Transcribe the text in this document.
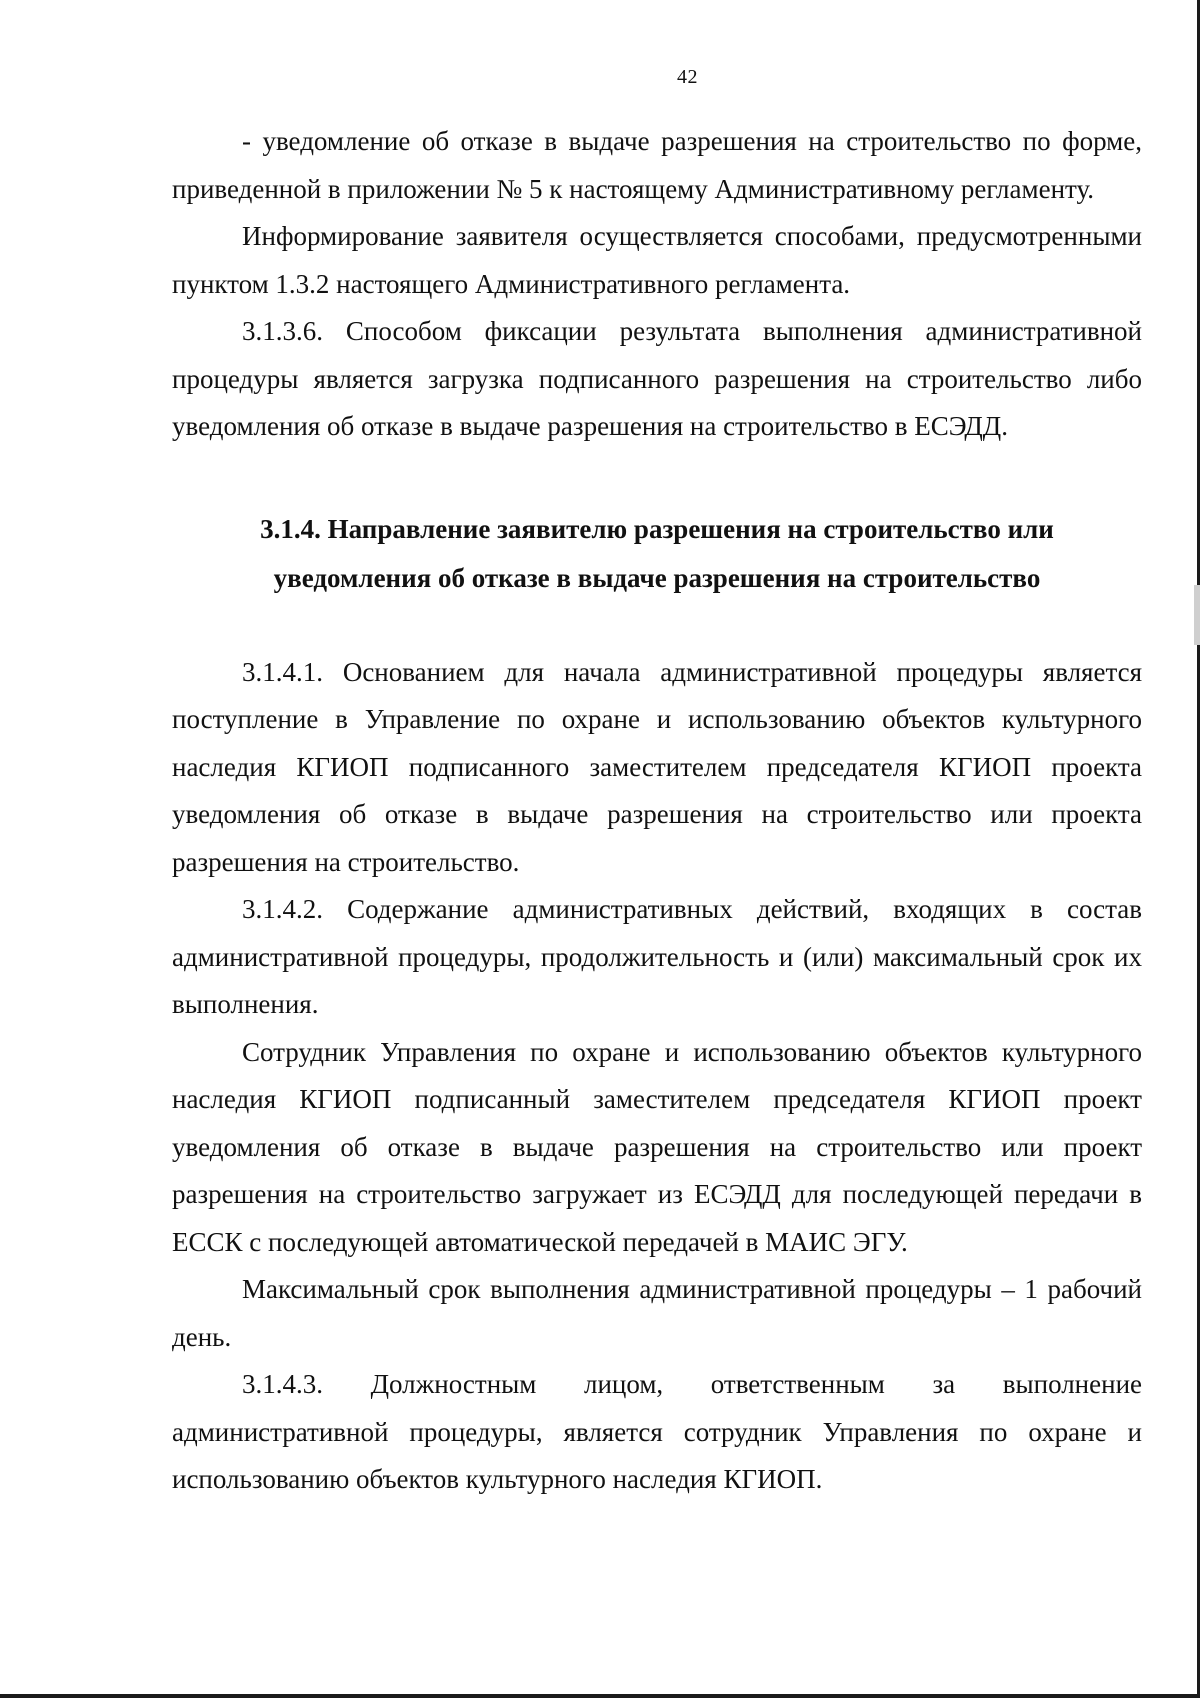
42

- уведомление об отказе в выдаче разрешения на строительство по форме, приведенной в приложении № 5 к настоящему Административному регламенту.

Информирование заявителя осуществляется способами, предусмотренными пунктом 1.3.2 настоящего Административного регламента.

3.1.3.6. Способом фиксации результата выполнения административной процедуры является загрузка подписанного разрешения на строительство либо уведомления об отказе в выдаче разрешения на строительство в ЕСЭДД.

3.1.4. Направление заявителю разрешения на строительство или
уведомления об отказе в выдаче разрешения на строительство

3.1.4.1. Основанием для начала административной процедуры является поступление в Управление по охране и использованию объектов культурного наследия КГИОП подписанного заместителем председателя КГИОП проекта уведомления об отказе в выдаче разрешения на строительство или проекта разрешения на строительство.

3.1.4.2. Содержание административных действий, входящих в состав административной процедуры, продолжительность и (или) максимальный срок их выполнения.

Сотрудник Управления по охране и использованию объектов культурного наследия КГИОП подписанный заместителем председателя КГИОП проект уведомления об отказе в выдаче разрешения на строительство или проект разрешения на строительство загружает из ЕСЭДД для последующей передачи в ЕССК с последующей автоматической передачей в МАИС ЭГУ.

Максимальный срок выполнения административной процедуры – 1 рабочий день.

3.1.4.3. Должностным лицом, ответственным за выполнение административной процедуры, является сотрудник Управления по охране и использованию объектов культурного наследия КГИОП.
